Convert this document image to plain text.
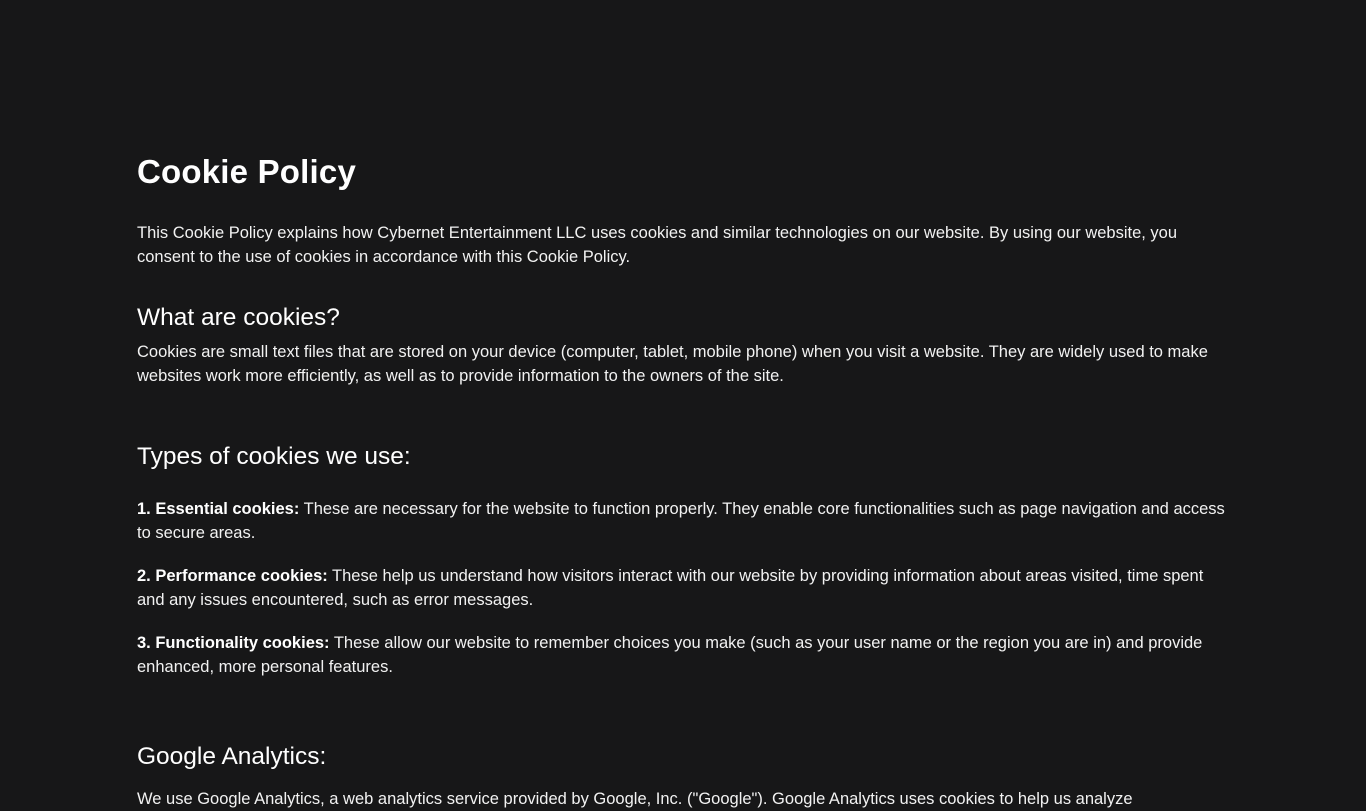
Cookie Policy

This Cookie Policy explains how Cybernet Entertainment LLC uses cookies and similar technologies on our website. By using our website, you consent to the use of cookies in accordance with this Cookie Policy.

What are cookies?

Cookies are small text files that are stored on your device (computer, tablet, mobile phone) when you visit a website. They are widely used to make websites work more efficiently, as well as to provide information to the owners of the site.

Types of cookies we use:

1. Essential cookies: These are necessary for the website to function properly. They enable core functionalities such as page navigation and access to secure areas.

2. Performance cookies: These help us understand how visitors interact with our website by providing information about areas visited, time spent and any issues encountered, such as error messages.

3. Functionality cookies: These allow our website to remember choices you make (such as your user name or the region you are in) and provide enhanced, more personal features.

Google Analytics:

We use Google Analytics, a web analytics service provided by Google, Inc. ("Google"). Google Analytics uses cookies to help us analyze
